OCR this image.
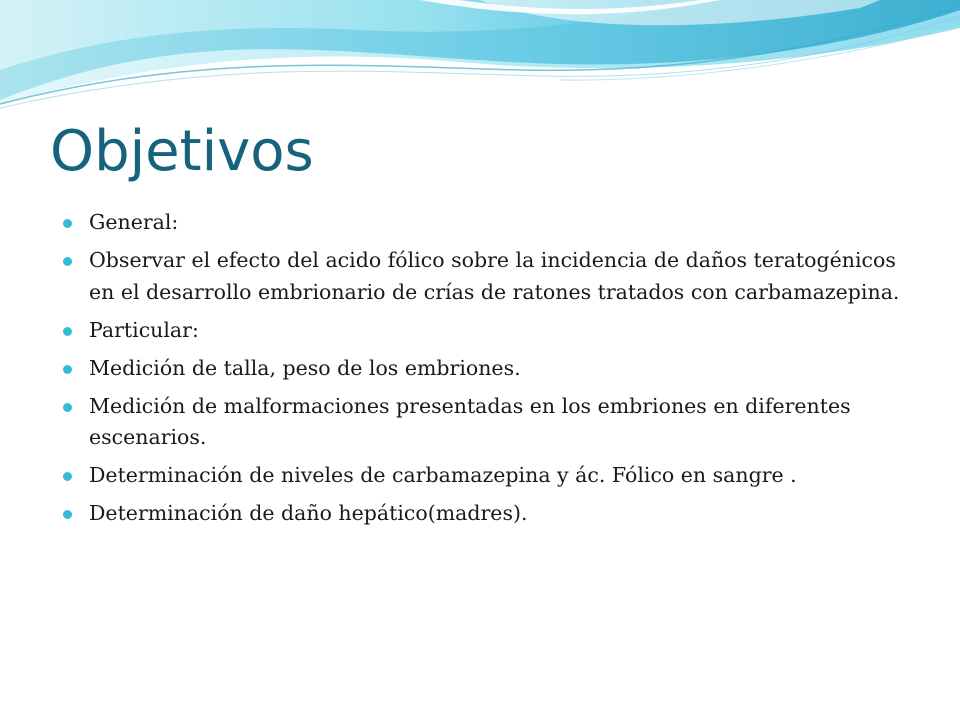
Objetivos
General:
Observar el efecto del acido fólico sobre la incidencia de daños teratogénicos en el desarrollo embrionario de crías de ratones tratados con carbamazepina.
Particular:
Medición de talla, peso de los embriones.
Medición de malformaciones presentadas en los embriones en diferentes escenarios.
Determinación de niveles de carbamazepina y ác. Fólico en sangre .
Determinación de daño hepático(madres).
